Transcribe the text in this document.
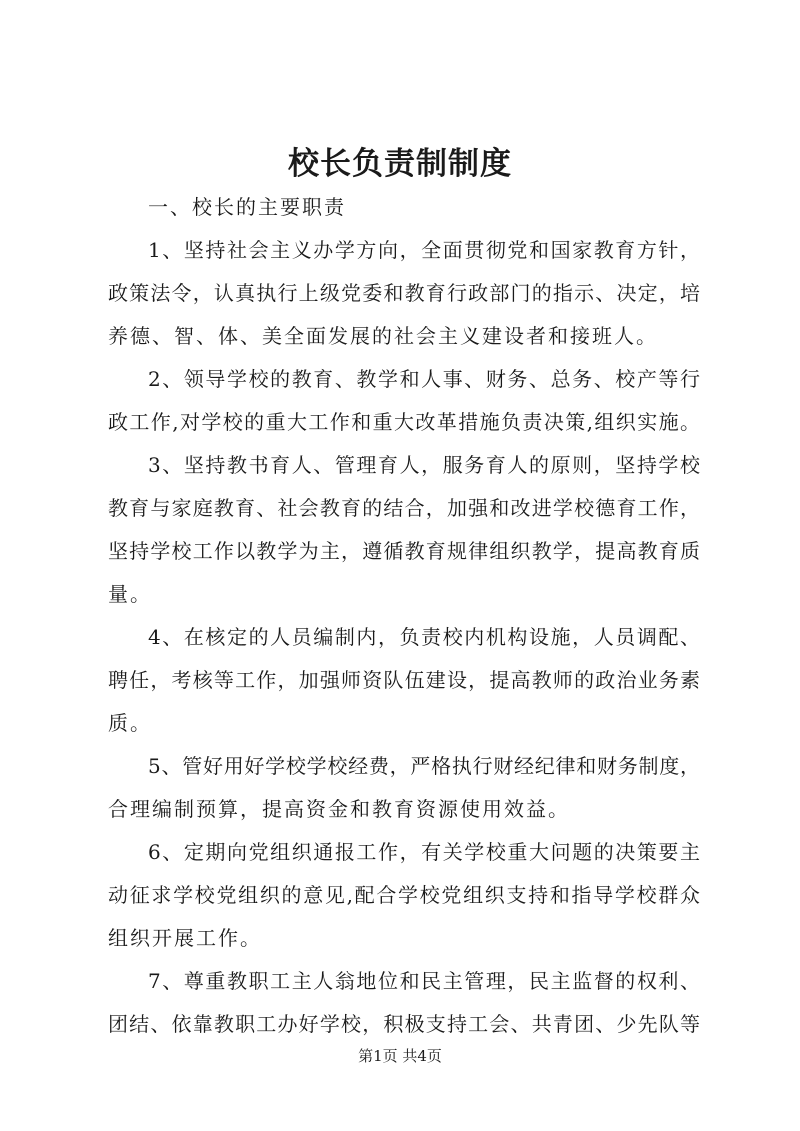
校长负责制制度
一、校长的主要职责
1、坚持社会主义办学方向，全面贯彻党和国家教育方针，
政策法令，认真执行上级党委和教育行政部门的指示、决定，培
养德、智、体、美全面发展的社会主义建设者和接班人。
2、领导学校的教育、教学和人事、财务、总务、校产等行
政工作,对学校的重大工作和重大改革措施负责决策,组织实施。
3、坚持教书育人、管理育人，服务育人的原则，坚持学校
教育与家庭教育、社会教育的结合，加强和改进学校德育工作，
坚持学校工作以教学为主，遵循教育规律组织教学，提高教育质
量。
4、在核定的人员编制内，负责校内机构设施，人员调配、
聘任，考核等工作，加强师资队伍建设，提高教师的政治业务素
质。
5、管好用好学校学校经费，严格执行财经纪律和财务制度，
合理编制预算，提高资金和教育资源使用效益。
6、定期向党组织通报工作，有关学校重大问题的决策要主
动征求学校党组织的意见,配合学校党组织支持和指导学校群众
组织开展工作。
7、尊重教职工主人翁地位和民主管理，民主监督的权利、
团结、依靠教职工办好学校，积极支持工会、共青团、少先队等
第1页 共4页
